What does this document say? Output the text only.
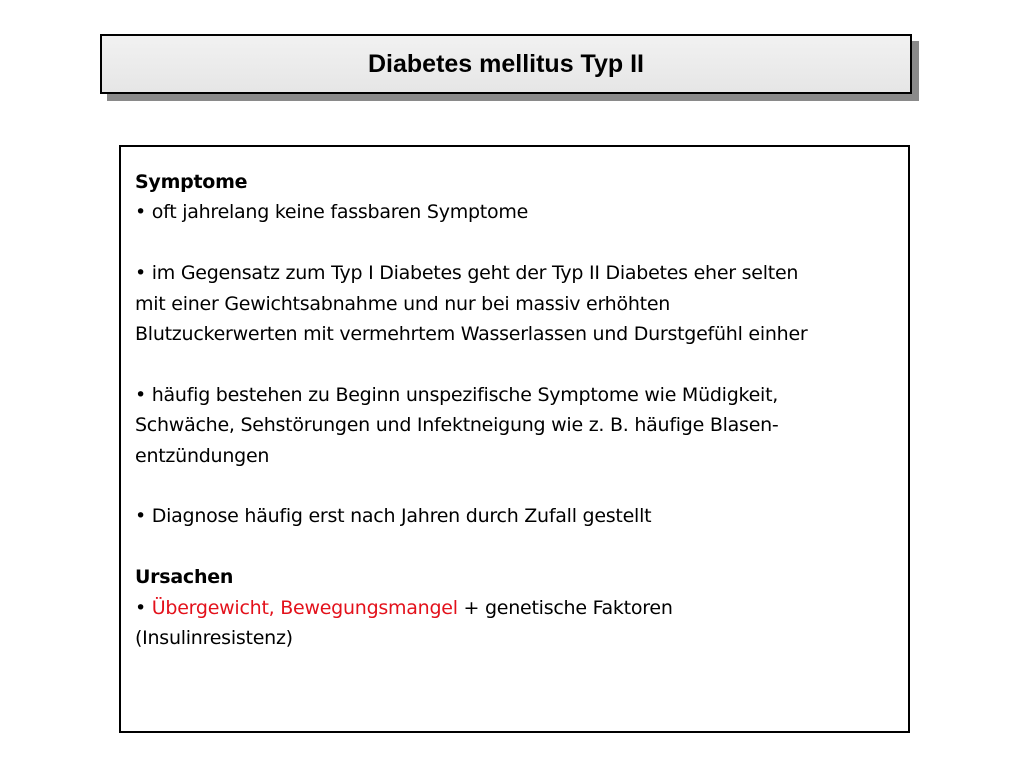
Diabetes mellitus Typ II

Symptome

• oft jahrelang keine fassbaren Symptome

• im Gegensatz zum Typ I Diabetes geht der Typ II Diabetes eher selten

mit einer Gewichtsabnahme und nur bei massiv erhöhten

Blutzuckerwerten mit vermehrtem Wasserlassen und Durstgefühl einher

• häufig bestehen zu Beginn unspezifische Symptome wie Müdigkeit,

Schwäche, Sehstörungen und Infektneigung wie z. B. häufige Blasen-

entzündungen

• Diagnose häufig erst nach Jahren durch Zufall gestellt

Ursachen

• Übergewicht, Bewegungsmangel + genetische Faktoren

(Insulinresistenz)
